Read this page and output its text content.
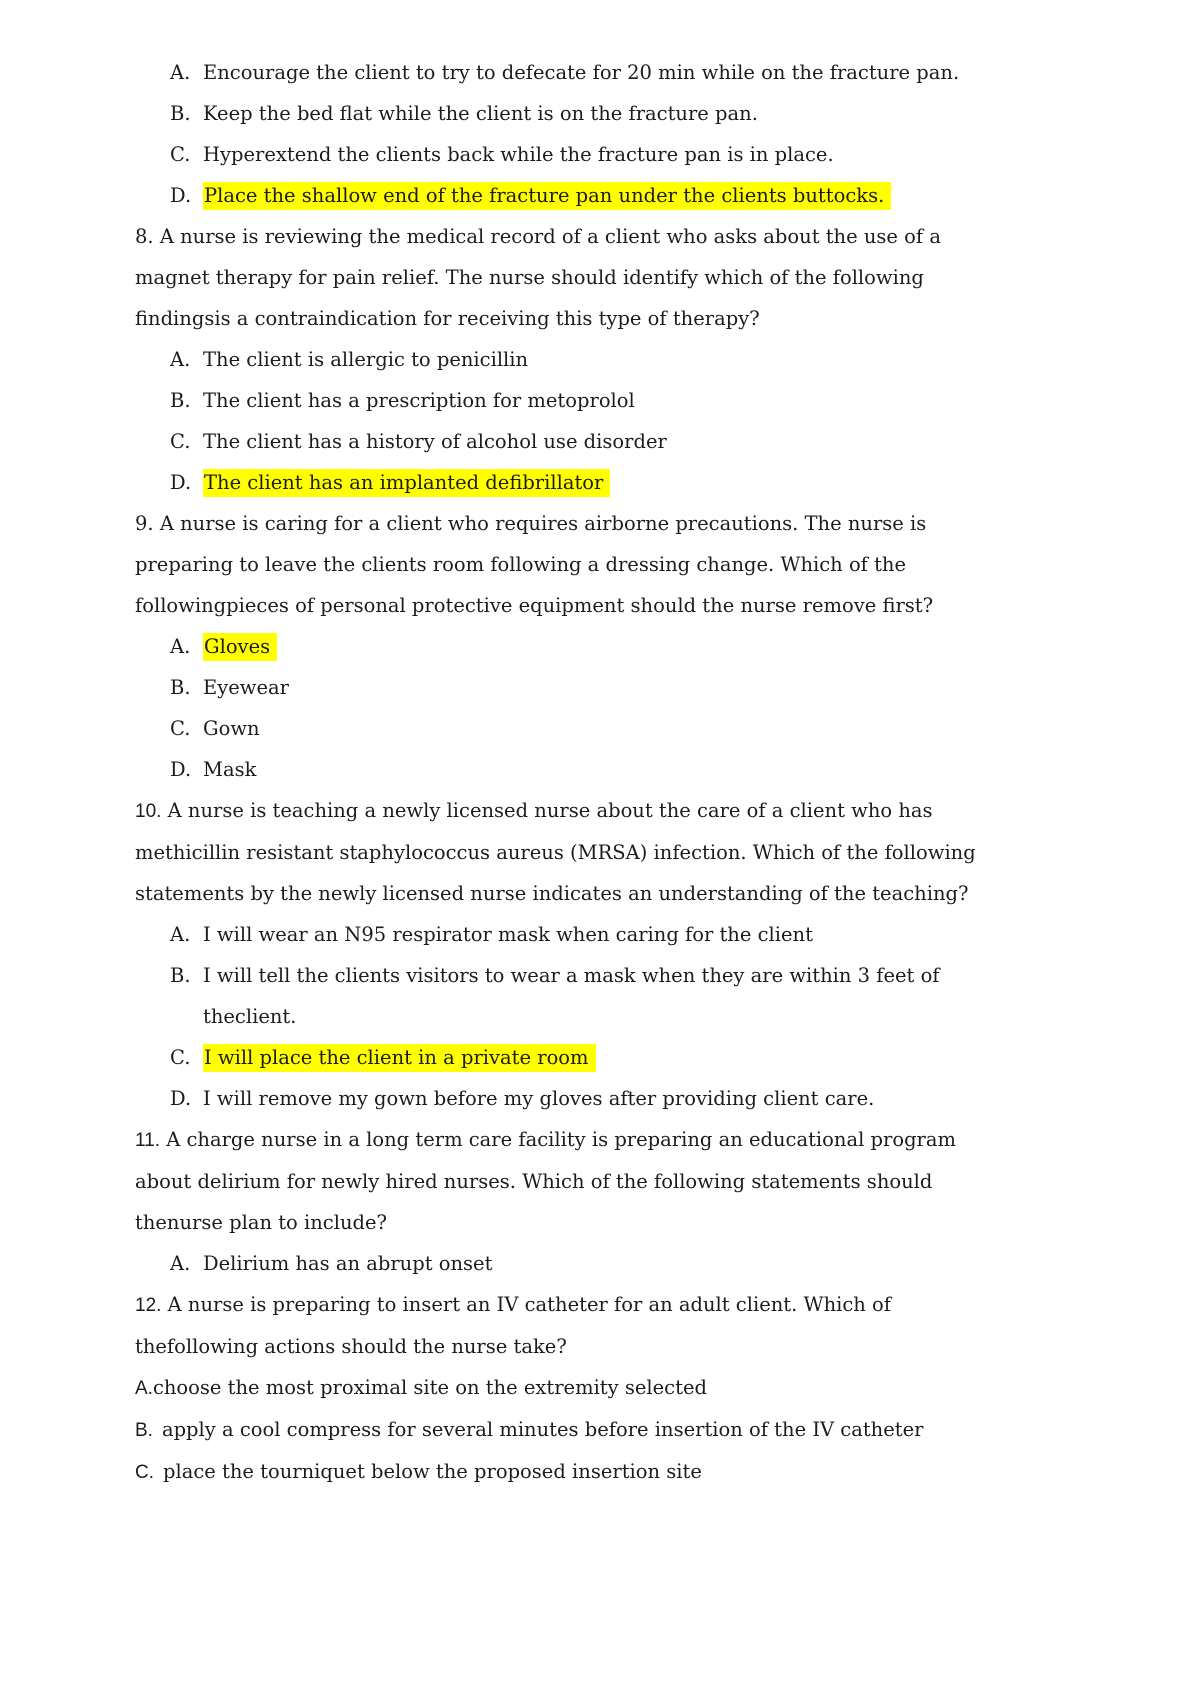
A. Encourage the client to try to defecate for 20 min while on the fracture pan.
B. Keep the bed flat while the client is on the fracture pan.
C. Hyperextend the clients back while the fracture pan is in place.
D. Place the shallow end of the fracture pan under the clients buttocks.
8. A nurse is reviewing the medical record of a client who asks about the use of a
magnet therapy for pain relief. The nurse should identify which of the following
findingsis a contraindication for receiving this type of therapy?
A. The client is allergic to penicillin
B. The client has a prescription for metoprolol
C. The client has a history of alcohol use disorder
D. The client has an implanted defibrillator
9. A nurse is caring for a client who requires airborne precautions. The nurse is
preparing to leave the clients room following a dressing change. Which of the
followingpieces of personal protective equipment should the nurse remove first?
A. Gloves
B. Eyewear
C. Gown
D. Mask
10. A nurse is teaching a newly licensed nurse about the care of a client who has
methicillin resistant staphylococcus aureus (MRSA) infection. Which of the following
statements by the newly licensed nurse indicates an understanding of the teaching?
A. I will wear an N95 respirator mask when caring for the client
B. I will tell the clients visitors to wear a mask when they are within 3 feet of
theclient.
C. I will place the client in a private room
D. I will remove my gown before my gloves after providing client care.
11. A charge nurse in a long term care facility is preparing an educational program
about delirium for newly hired nurses. Which of the following statements should
thenurse plan to include?
A. Delirium has an abrupt onset
12. A nurse is preparing to insert an IV catheter for an adult client. Which of
thefollowing actions should the nurse take?
A.choose the most proximal site on the extremity selected
B. apply a cool compress for several minutes before insertion of the IV catheter
C. place the tourniquet below the proposed insertion site
